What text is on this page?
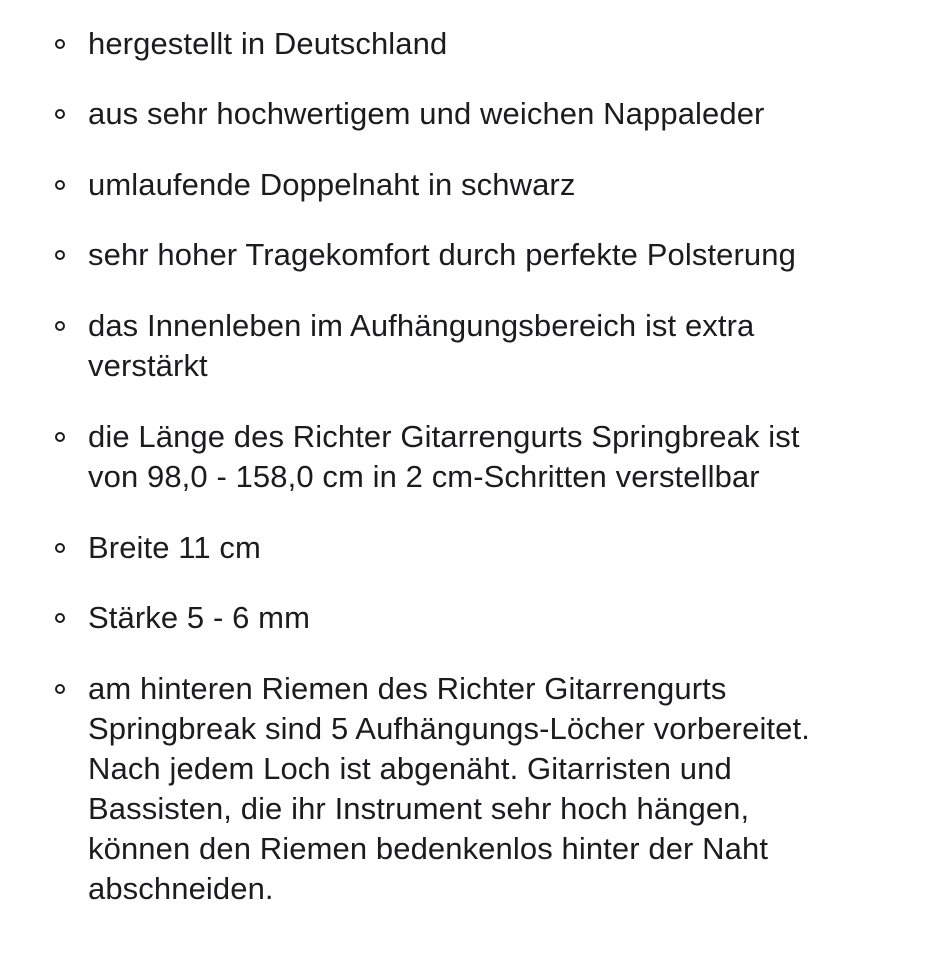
hergestellt in Deutschland
aus sehr hochwertigem und weichen Nappaleder
umlaufende Doppelnaht in schwarz
sehr hoher Tragekomfort durch perfekte Polsterung
das Innenleben im Aufhängungsbereich ist extra
verstärkt
die Länge des Richter Gitarrengurts Springbreak ist
von 98,0 - 158,0 cm in 2 cm-Schritten verstellbar
Breite 11 cm
Stärke 5 - 6 mm
am hinteren Riemen des Richter Gitarrengurts
Springbreak sind 5 Aufhängungs-Löcher vorbereitet.
Nach jedem Loch ist abgenäht. Gitarristen und
Bassisten, die ihr Instrument sehr hoch hängen,
können den Riemen bedenkenlos hinter der Naht
abschneiden.
